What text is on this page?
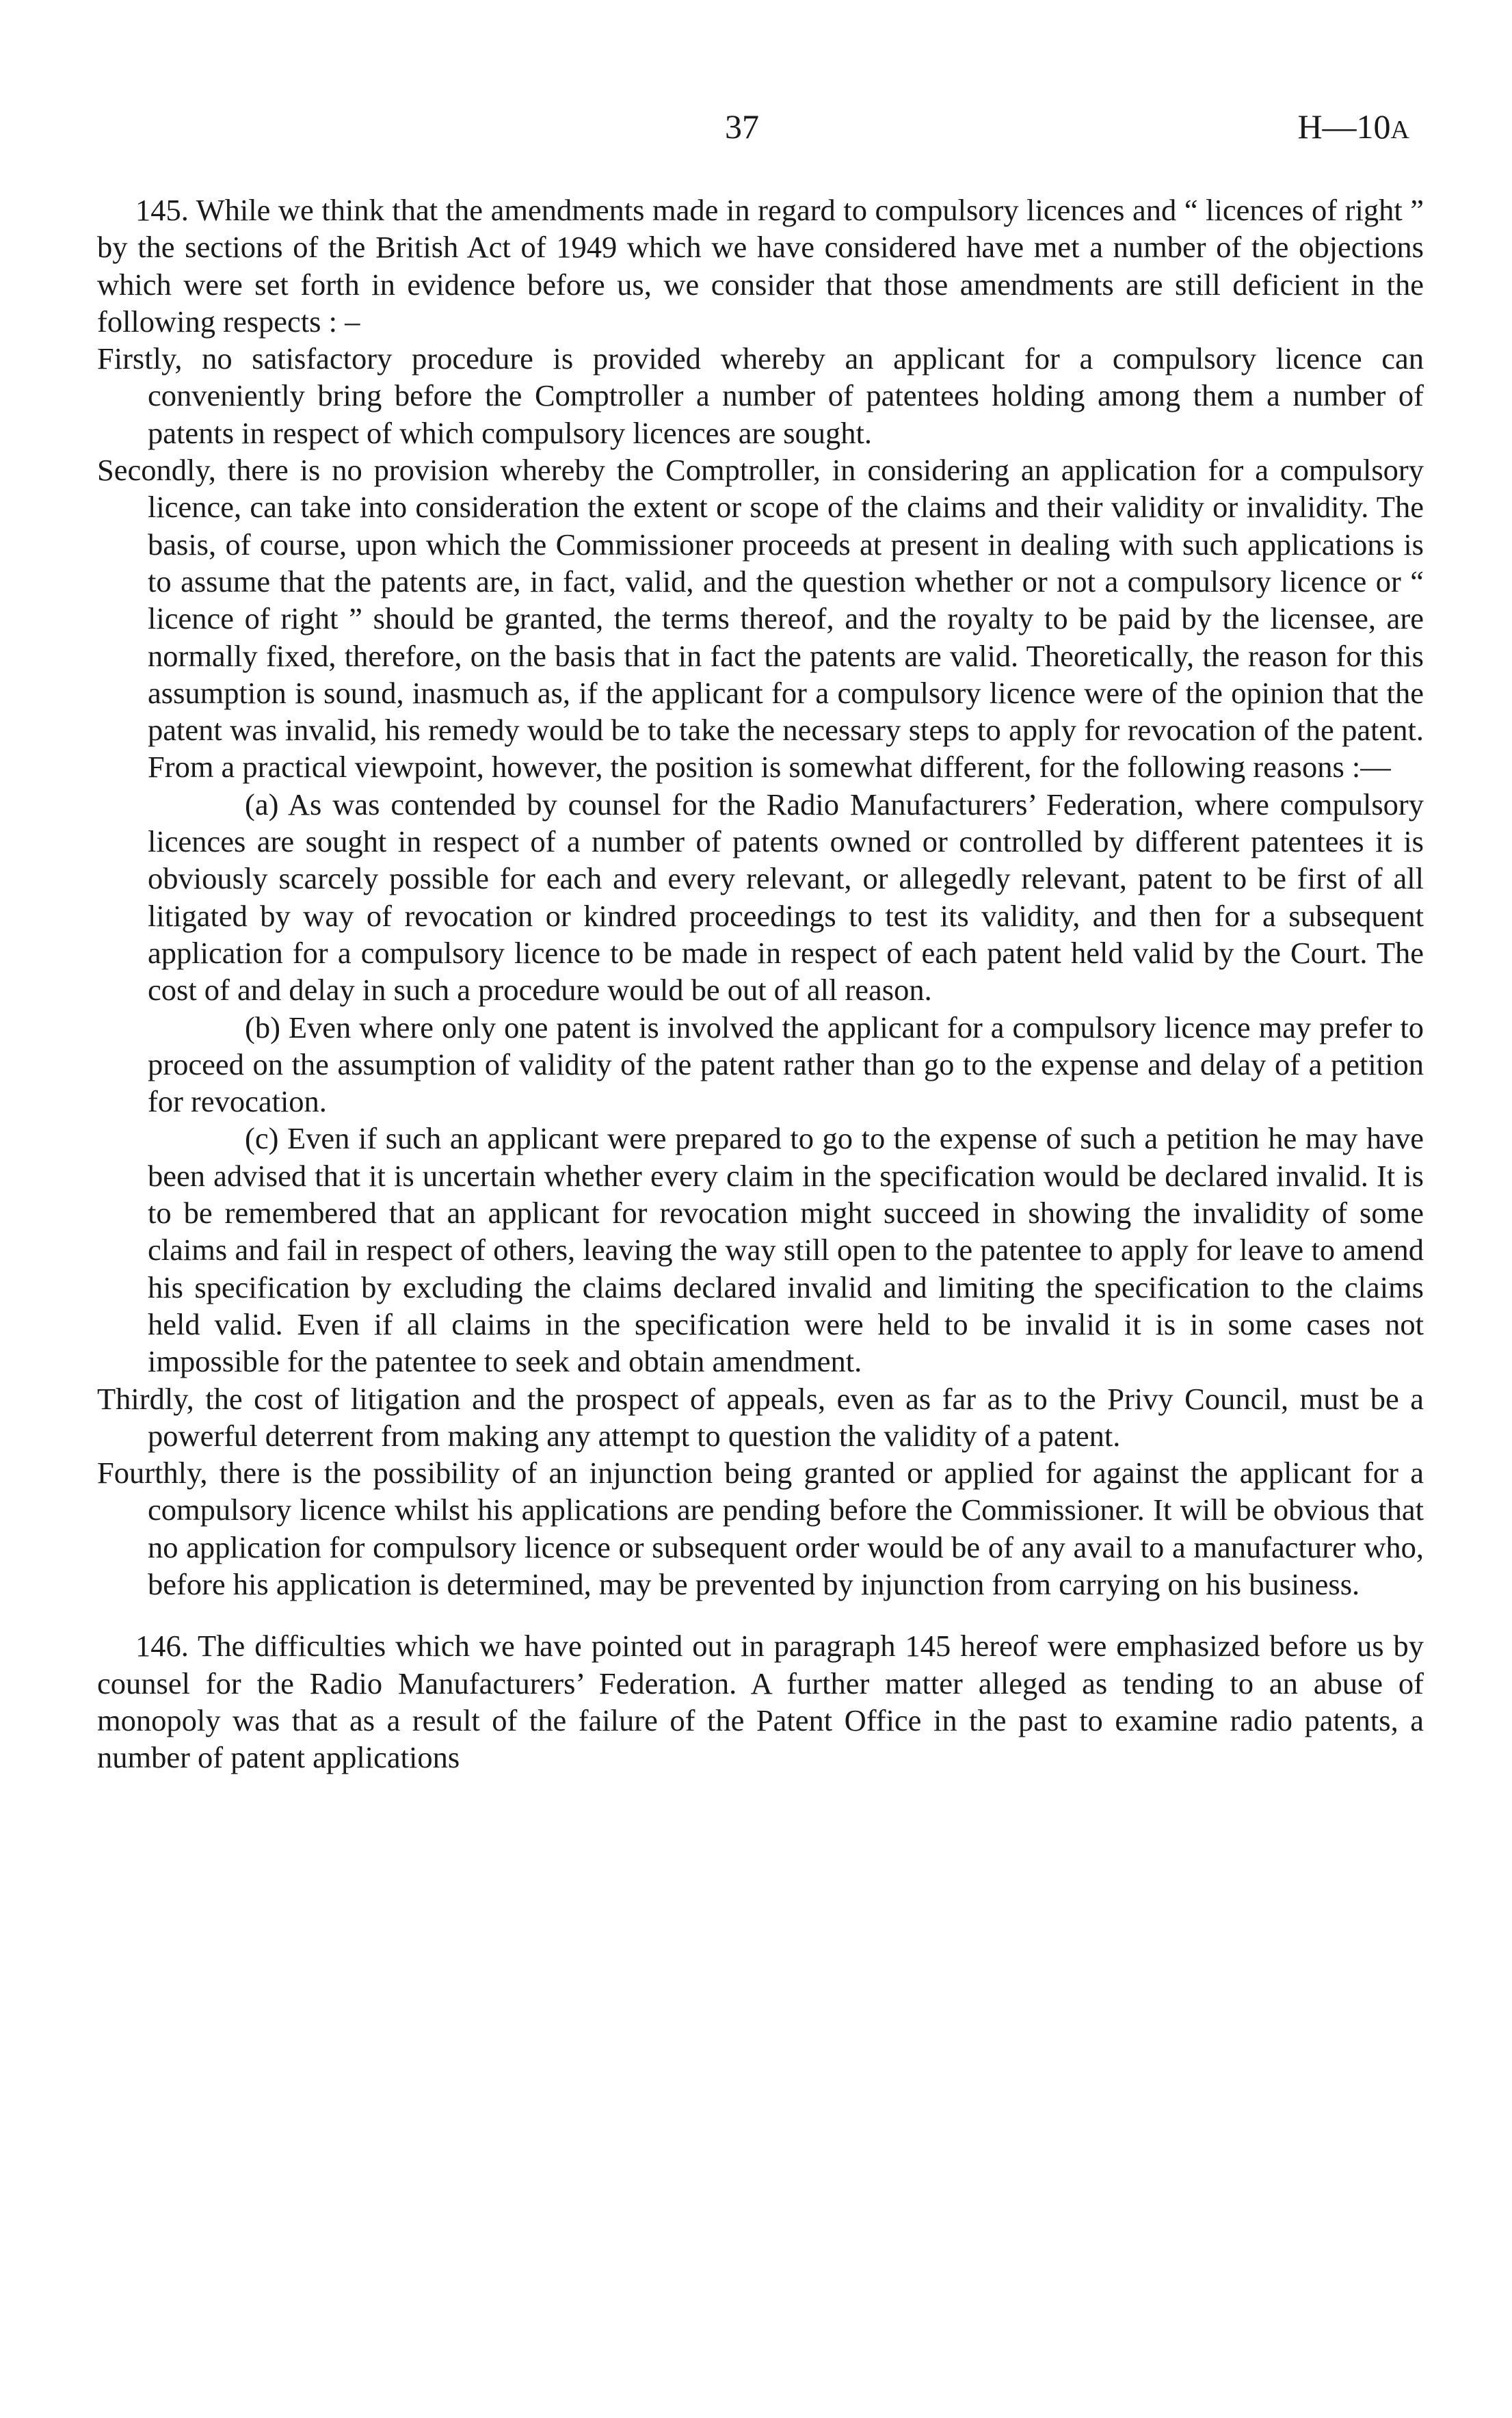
37	H—10A

145. While we think that the amendments made in regard to compulsory licences and “ licences of right ” by the sections of the British Act of 1949 which we have considered have met a number of the objections which were set forth in evidence before us, we consider that those amendments are still deficient in the following respects : –

Firstly, no satisfactory procedure is provided whereby an applicant for a compulsory licence can conveniently bring before the Comptroller a number of patentees holding among them a number of patents in respect of which compulsory licences are sought.

Secondly, there is no provision whereby the Comptroller, in considering an application for a compulsory licence, can take into consideration the extent or scope of the claims and their validity or invalidity. The basis, of course, upon which the Commissioner proceeds at present in dealing with such applications is to assume that the patents are, in fact, valid, and the question whether or not a compulsory licence or “ licence of right ” should be granted, the terms thereof, and the royalty to be paid by the licensee, are normally fixed, therefore, on the basis that in fact the patents are valid. Theoretically, the reason for this assumption is sound, inasmuch as, if the applicant for a compulsory licence were of the opinion that the patent was invalid, his remedy would be to take the necessary steps to apply for revocation of the patent. From a practical viewpoint, however, the position is somewhat different, for the following reasons :—

(a) As was contended by counsel for the Radio Manufacturers’ Federation, where compulsory licences are sought in respect of a number of patents owned or controlled by different patentees it is obviously scarcely possible for each and every relevant, or allegedly relevant, patent to be first of all litigated by way of revocation or kindred proceedings to test its validity, and then for a subsequent application for a compulsory licence to be made in respect of each patent held valid by the Court. The cost of and delay in such a procedure would be out of all reason.

(b) Even where only one patent is involved the applicant for a compulsory licence may prefer to proceed on the assumption of validity of the patent rather than go to the expense and delay of a petition for revocation.

(c) Even if such an applicant were prepared to go to the expense of such a petition he may have been advised that it is uncertain whether every claim in the specification would be declared invalid. It is to be remembered that an applicant for revocation might succeed in showing the invalidity of some claims and fail in respect of others, leaving the way still open to the patentee to apply for leave to amend his specification by excluding the claims declared invalid and limiting the specification to the claims held valid. Even if all claims in the specification were held to be invalid it is in some cases not impossible for the patentee to seek and obtain amendment.

Thirdly, the cost of litigation and the prospect of appeals, even as far as to the Privy Council, must be a powerful deterrent from making any attempt to question the validity of a patent.

Fourthly, there is the possibility of an injunction being granted or applied for against the applicant for a compulsory licence whilst his applications are pending before the Commissioner. It will be obvious that no application for compulsory licence or subsequent order would be of any avail to a manufacturer who, before his application is determined, may be prevented by injunction from carrying on his business.

146. The difficulties which we have pointed out in paragraph 145 hereof were emphasized before us by counsel for the Radio Manufacturers’ Federation. A further matter alleged as tending to an abuse of monopoly was that as a result of the failure of the Patent Office in the past to examine radio patents, a number of patent applications
